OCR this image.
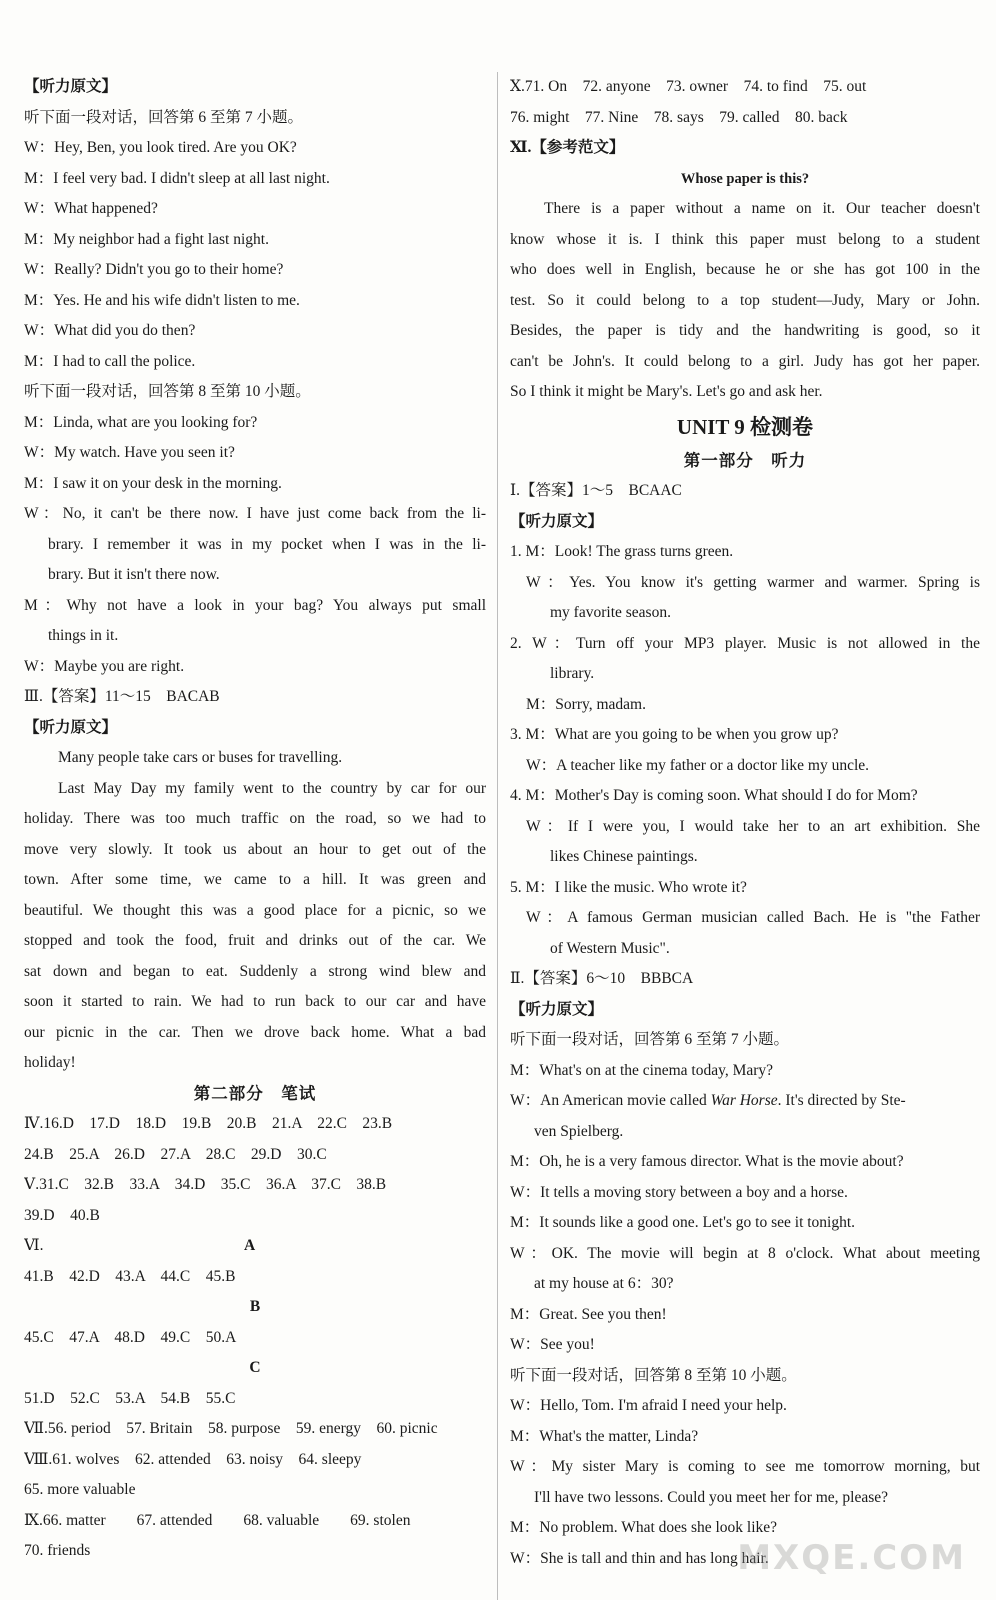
【听力原文】
听下面一段对话，回答第 6 至第 7 小题。
W：Hey, Ben, you look tired. Are you OK?
M：I feel very bad. I didn't sleep at all last night.
W：What happened?
M：My neighbor had a fight last night.
W：Really? Didn't you go to their home?
M：Yes. He and his wife didn't listen to me.
W：What did you do then?
M：I had to call the police.
听下面一段对话，回答第 8 至第 10 小题。
M：Linda, what are you looking for?
W：My watch. Have you seen it?
M：I saw it on your desk in the morning.
W：No, it can't be there now. I have just come back from the li-
brary. I remember it was in my pocket when I was in the li-
brary. But it isn't there now.
M：Why not have a look in your bag? You always put small
things in it.
W：Maybe you are right.
Ⅲ.【答案】11～15　BACAB
【听力原文】
Many people take cars or buses for travelling.
Last May Day my family went to the country by car for our
holiday. There was too much traffic on the road, so we had to
move very slowly. It took us about an hour to get out of the
town. After some time, we came to a hill. It was green and
beautiful. We thought this was a good place for a picnic, so we
stopped and took the food, fruit and drinks out of the car. We
sat down and began to eat. Suddenly a strong wind blew and
soon it started to rain. We had to run back to our car and have
our picnic in the car. Then we drove back home. What a bad
holiday!
第二部分　笔试
Ⅳ.16.D　17.D　18.D　19.B　20.B　21.A　22.C　23.B
24.B　25.A　26.D　27.A　28.C　29.D　30.C
Ⅴ.31.C　32.B　33.A　34.D　35.C　36.A　37.C　38.B
39.D　40.B
Ⅵ.	A
41.B　42.D　43.A　44.C　45.B
B
45.C　47.A　48.D　49.C　50.A
C
51.D　52.C　53.A　54.B　55.C
Ⅶ.56. period　57. Britain　58. purpose　59. energy　60. picnic
Ⅷ.61. wolves　62. attended　63. noisy　64. sleepy
65. more valuable
Ⅸ.66. matter　　67. attended　　68. valuable　　69. stolen
70. friends
Ⅹ.71. On　72. anyone　73. owner　74. to find　75. out
76. might　77. Nine　78. says　79. called　80. back
Ⅺ.【参考范文】
Whose paper is this?
There is a paper without a name on it. Our teacher doesn't
know whose it is. I think this paper must belong to a student
who does well in English, because he or she has got 100 in the
test. So it could belong to a top student—Judy, Mary or John.
Besides, the paper is tidy and the handwriting is good, so it
can't be John's. It could belong to a girl. Judy has got her paper.
So I think it might be Mary's. Let's go and ask her.
UNIT 9 检测卷
第一部分　听力
Ⅰ.【答案】1～5　BCAAC
【听力原文】
1. M：Look! The grass turns green.
W：Yes. You know it's getting warmer and warmer. Spring is
my favorite season.
2. W：Turn off your MP3 player. Music is not allowed in the
library.
M：Sorry, madam.
3. M：What are you going to be when you grow up?
W：A teacher like my father or a doctor like my uncle.
4. M：Mother's Day is coming soon. What should I do for Mom?
W：If I were you, I would take her to an art exhibition. She
likes Chinese paintings.
5. M：I like the music. Who wrote it?
W：A famous German musician called Bach. He is "the Father
of Western Music".
Ⅱ.【答案】6～10　BBBCA
【听力原文】
听下面一段对话，回答第 6 至第 7 小题。
M：What's on at the cinema today, Mary?
W：An American movie called War Horse. It's directed by Ste-
ven Spielberg.
M：Oh, he is a very famous director. What is the movie about?
W：It tells a moving story between a boy and a horse.
M：It sounds like a good one. Let's go to see it tonight.
W：OK. The movie will begin at 8 o'clock. What about meeting
at my house at 6：30?
M：Great. See you then!
W：See you!
听下面一段对话，回答第 8 至第 10 小题。
W：Hello, Tom. I'm afraid I need your help.
M：What's the matter, Linda?
W：My sister Mary is coming to see me tomorrow morning, but
I'll have two lessons. Could you meet her for me, please?
M：No problem. What does she look like?
W：She is tall and thin and has long hair.
MXQE.COM
